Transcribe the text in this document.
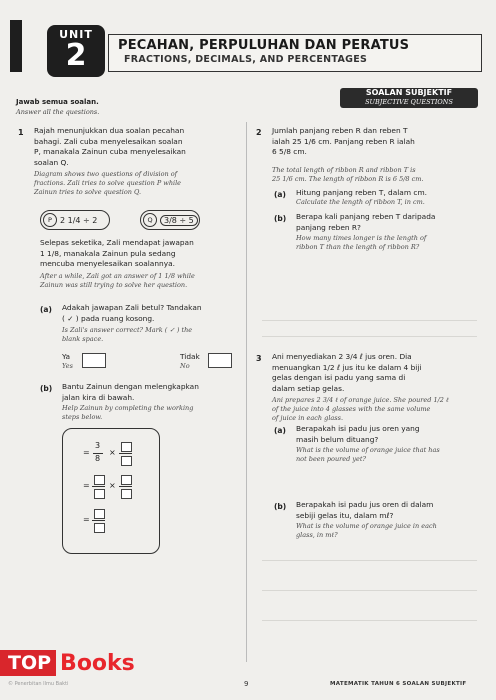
UNIT
2	PECAHAN, PERPULUHAN DAN PERATUS
FRACTIONS, DECIMALS, AND PERCENTAGES
SOALAN SUBJEKTIF
SUBJECTIVE QUESTIONS
Jawab semua soalan.
Answer all the questions.
1 Rajah menunjukkan dua soalan pecahan
bahagi. Zali cuba menyelesaikan soalan
P, manakala Zainun cuba menyelesaikan
soalan Q.
Diagram shows two questions of division of
fractions. Zali tries to solve question P while
Zainun tries to solve question Q.
P	2 1/4 ÷ 2	Q	3/8 ÷ 5
Selepas seketika, Zali mendapat jawapan
1 1/8, manakala Zainun pula sedang
mencuba menyelesaikan soalannya.
After a while, Zali got an answer of 1 1/8 while
Zainun was still trying to solve her question.
(a) Adakah jawapan Zali betul? Tandakan
( ✓ ) pada ruang kosong.
Is Zali's answer correct? Mark ( ✓ ) the
blank space.
Ya
Yes
Tidak
No
(b) Bantu Zainun dengan melengkapkan
jalan kira di bawah.
Help Zainun by completing the working
steps below.
=
3
8
×
= ×
=
2 Jumlah panjang reben R dan reben T
ialah 25 1/6 cm. Panjang reben R ialah
6 5/8 cm.
The total length of ribbon R and ribbon T is
25 1/6 cm. The length of ribbon R is 6 5/8 cm.
(a) Hitung panjang reben T, dalam cm.
Calculate the length of ribbon T, in cm.
(b) Berapa kali panjang reben T daripada
panjang reben R?
How many times longer is the length of
ribbon T than the length of ribbon R?
3 Ani menyediakan 2 3/4 ℓ jus oren. Dia
menuangkan 1/2 ℓ jus itu ke dalam 4 biji
gelas dengan isi padu yang sama di
dalam setiap gelas.
Ani prepares 2 3/4 ℓ of orange juice. She poured 1/2 ℓ
of the juice into 4 glasses with the same volume
of juice in each glass.
(a) Berapakah isi padu jus oren yang
masih belum dituang?
What is the volume of orange juice that has
not been poured yet?
(b) Berapakah isi padu jus oren di dalam
sebiji gelas itu, dalam mℓ?
What is the volume of orange juice in each
glass, in mℓ?
TOP Books
© Penerbitan Ilmu Bakti	9	MATEMATIK TAHUN 6 SOALAN SUBJEKTIF
